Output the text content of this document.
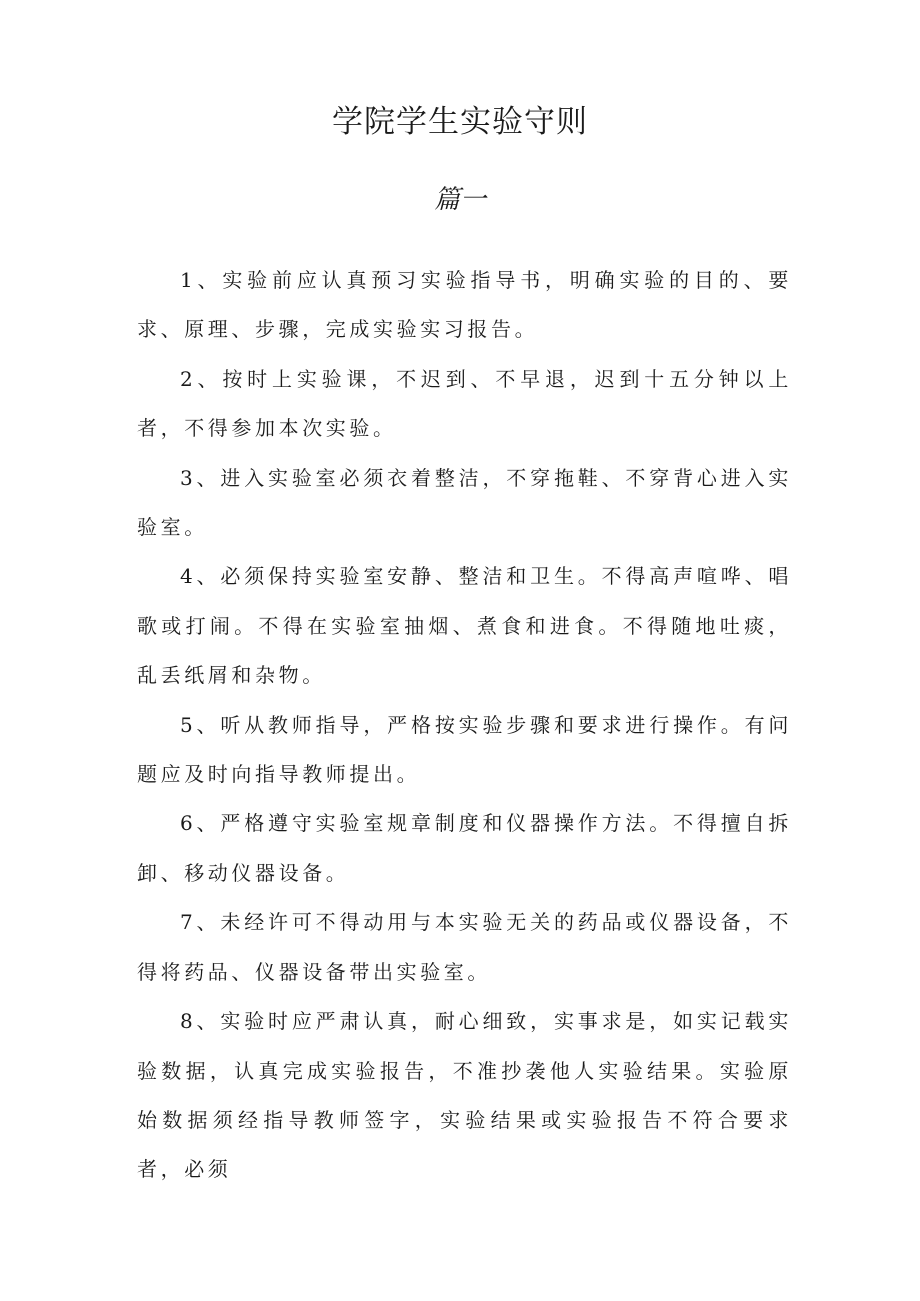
学院学生实验守则
篇一

1、实验前应认真预习实验指导书，明确实验的目的、要求、原理、步骤，完成实验实习报告。

2、按时上实验课，不迟到、不早退，迟到十五分钟以上者，不得参加本次实验。

3、进入实验室必须衣着整洁，不穿拖鞋、不穿背心进入实验室。

4、必须保持实验室安静、整洁和卫生。不得高声喧哗、唱歌或打闹。不得在实验室抽烟、煮食和进食。不得随地吐痰，乱丢纸屑和杂物。

5、听从教师指导，严格按实验步骤和要求进行操作。有问题应及时向指导教师提出。

6、严格遵守实验室规章制度和仪器操作方法。不得擅自拆卸、移动仪器设备。

7、未经许可不得动用与本实验无关的药品或仪器设备，不得将药品、仪器设备带出实验室。

8、实验时应严肃认真，耐心细致，实事求是，如实记载实验数据，认真完成实验报告，不准抄袭他人实验结果。实验原始数据须经指导教师签字，实验结果或实验报告不符合要求者，必须
